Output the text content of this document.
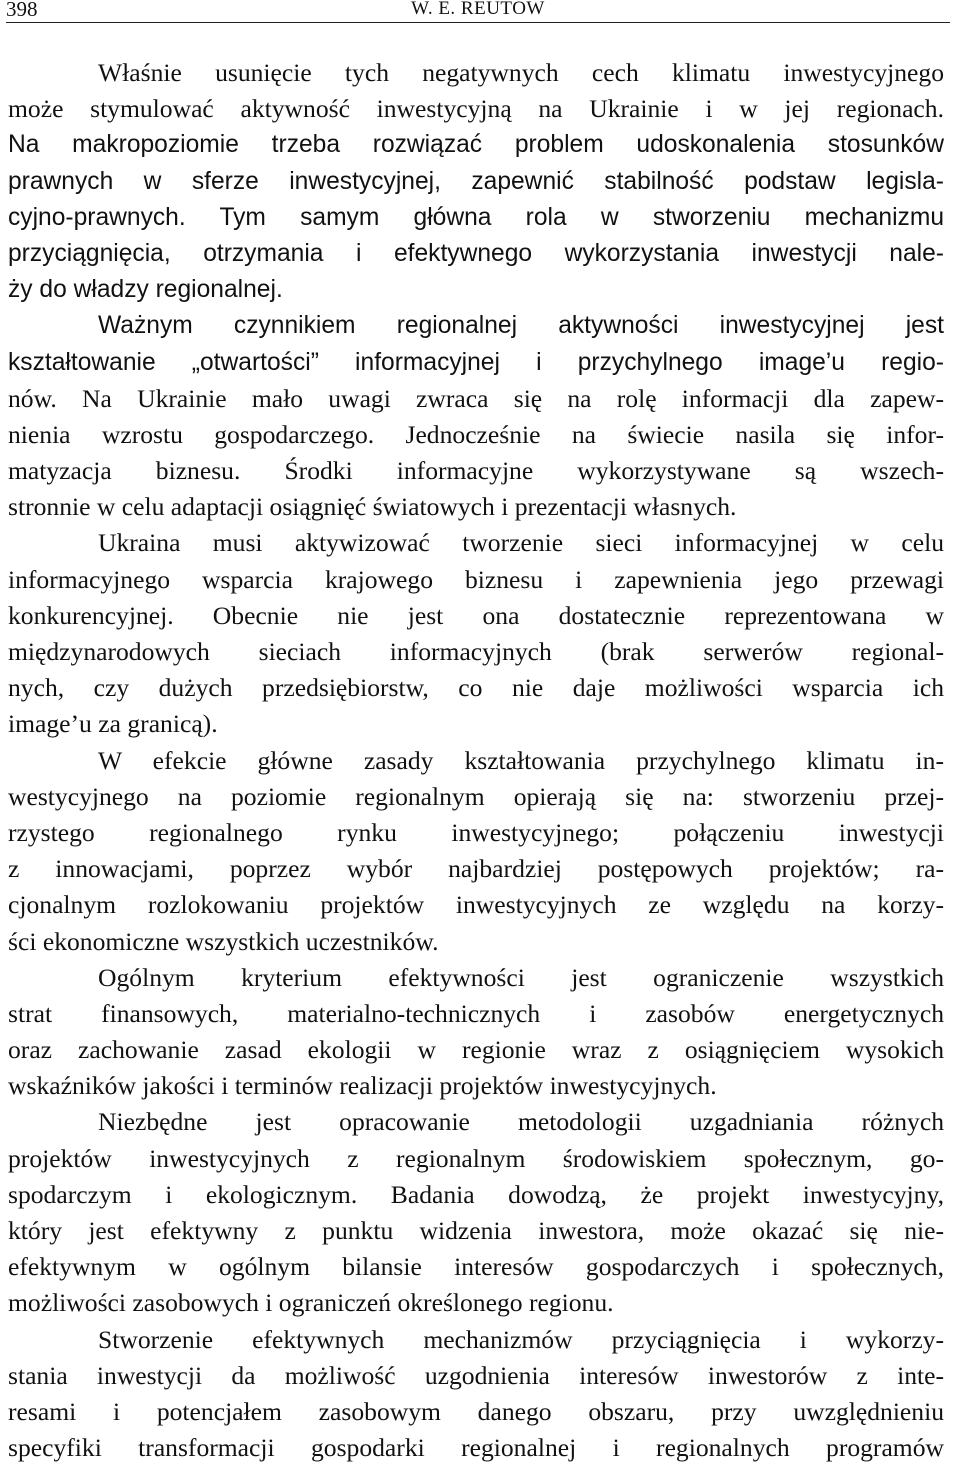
398	W. E. REUTOW
Właśnie usunięcie tych negatywnych cech klimatu inwestycyjnego
może stymulować aktywność inwestycyjną na Ukrainie i w jej regionach.
Na makropoziomie trzeba rozwiązać problem udoskonalenia stosunków
prawnych w sferze inwestycyjnej, zapewnić stabilność podstaw legisla-
cyjno-prawnych. Tym samym główna rola w stworzeniu mechanizmu
przyciągnięcia, otrzymania i efektywnego wykorzystania inwestycji nale-
ży do władzy regionalnej.
Ważnym czynnikiem regionalnej aktywności inwestycyjnej jest
kształtowanie „otwartości” informacyjnej i przychylnego image’u regio-
nów. Na Ukrainie mało uwagi zwraca się na rolę informacji dla zapew-
nienia wzrostu gospodarczego. Jednocześnie na świecie nasila się infor-
matyzacja biznesu. Środki informacyjne wykorzystywane są wszech-
stronnie w celu adaptacji osiągnięć światowych i prezentacji własnych.
Ukraina musi aktywizować tworzenie sieci informacyjnej w celu
informacyjnego wsparcia krajowego biznesu i zapewnienia jego przewagi
konkurencyjnej. Obecnie nie jest ona dostatecznie reprezentowana w
międzynarodowych sieciach informacyjnych (brak serwerów regional-
nych, czy dużych przedsiębiorstw, co nie daje możliwości wsparcia ich
image’u za granicą).
W efekcie główne zasady kształtowania przychylnego klimatu in-
westycyjnego na poziomie regionalnym opierają się na: stworzeniu przej-
rzystego regionalnego rynku inwestycyjnego; połączeniu inwestycji
z innowacjami, poprzez wybór najbardziej postępowych projektów; ra-
cjonalnym rozlokowaniu projektów inwestycyjnych ze względu na korzy-
ści ekonomiczne wszystkich uczestników.
Ogólnym kryterium efektywności jest ograniczenie wszystkich
strat finansowych, materialno-technicznych i zasobów energetycznych
oraz zachowanie zasad ekologii w regionie wraz z osiągnięciem wysokich
wskaźników jakości i terminów realizacji projektów inwestycyjnych.
Niezbędne jest opracowanie metodologii uzgadniania różnych
projektów inwestycyjnych z regionalnym środowiskiem społecznym, go-
spodarczym i ekologicznym. Badania dowodzą, że projekt inwestycyjny,
który jest efektywny z punktu widzenia inwestora, może okazać się nie-
efektywnym w ogólnym bilansie interesów gospodarczych i społecznych,
możliwości zasobowych i ograniczeń określonego regionu.
Stworzenie efektywnych mechanizmów przyciągnięcia i wykorzy-
stania inwestycji da możliwość uzgodnienia interesów inwestorów z inte-
resami i potencjałem zasobowym danego obszaru, przy uwzględnieniu
specyfiki transformacji gospodarki regionalnej i regionalnych programów
